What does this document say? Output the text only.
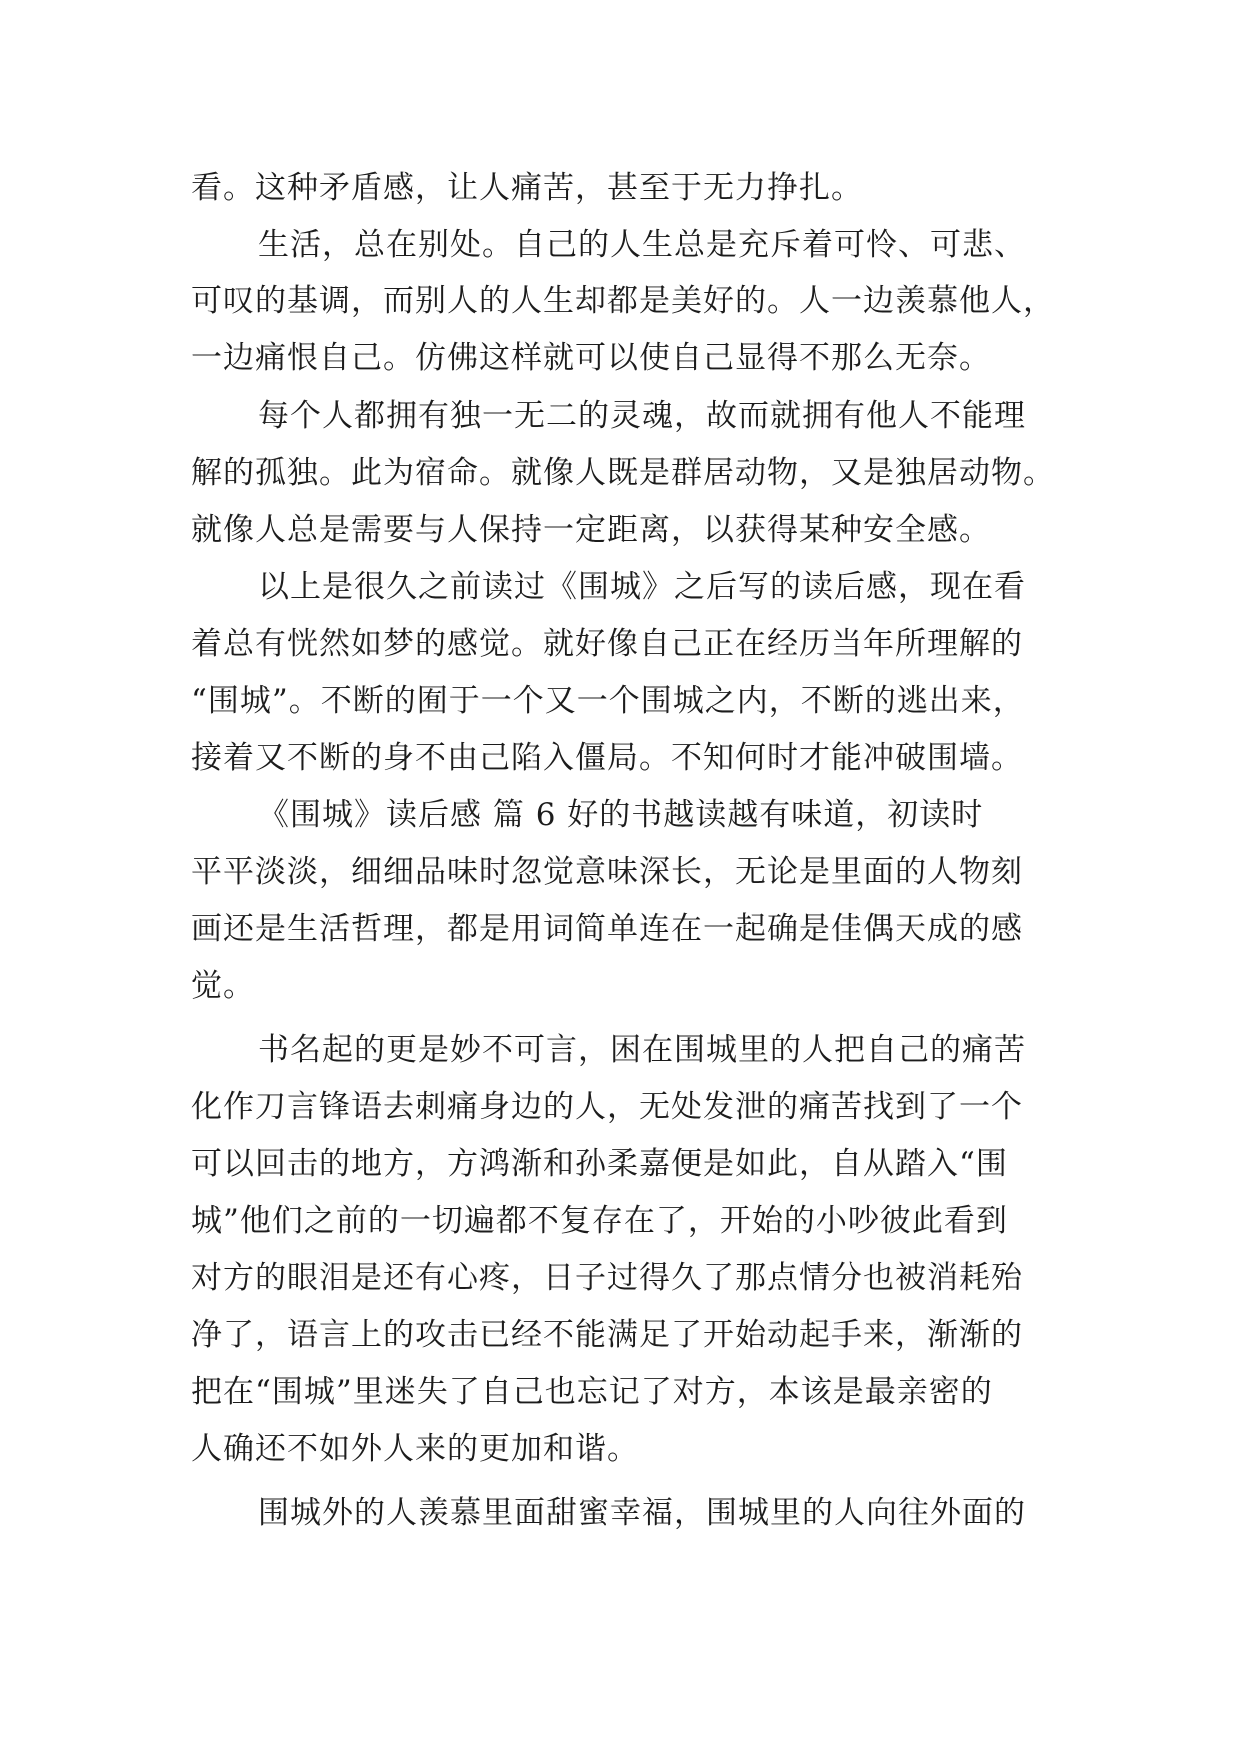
看。这种矛盾感，让人痛苦，甚至于无力挣扎。
生活，总在别处。自己的人生总是充斥着可怜、可悲、
可叹的基调，而别人的人生却都是美好的。人一边羡慕他人，
一边痛恨自己。仿佛这样就可以使自己显得不那么无奈。
每个人都拥有独一无二的灵魂，故而就拥有他人不能理
解的孤独。此为宿命。就像人既是群居动物，又是独居动物。
就像人总是需要与人保持一定距离，以获得某种安全感。
以上是很久之前读过《围城》之后写的读后感，现在看
着总有恍然如梦的感觉。就好像自己正在经历当年所理解的
“围城”。不断的囿于一个又一个围城之内，不断的逃出来，
接着又不断的身不由己陷入僵局。不知何时才能冲破围墙。
《围城》读后感 篇 6 好的书越读越有味道，初读时
平平淡淡，细细品味时忽觉意味深长，无论是里面的人物刻
画还是生活哲理，都是用词简单连在一起确是佳偶天成的感
觉。
书名起的更是妙不可言，困在围城里的人把自己的痛苦
化作刀言锋语去刺痛身边的人，无处发泄的痛苦找到了一个
可以回击的地方，方鸿渐和孙柔嘉便是如此，自从踏入“围
城”他们之前的一切遍都不复存在了，开始的小吵彼此看到
对方的眼泪是还有心疼，日子过得久了那点情分也被消耗殆
净了，语言上的攻击已经不能满足了开始动起手来，渐渐的
把在“围城”里迷失了自己也忘记了对方，本该是最亲密的
人确还不如外人来的更加和谐。
围城外的人羡慕里面甜蜜幸福，围城里的人向往外面的
